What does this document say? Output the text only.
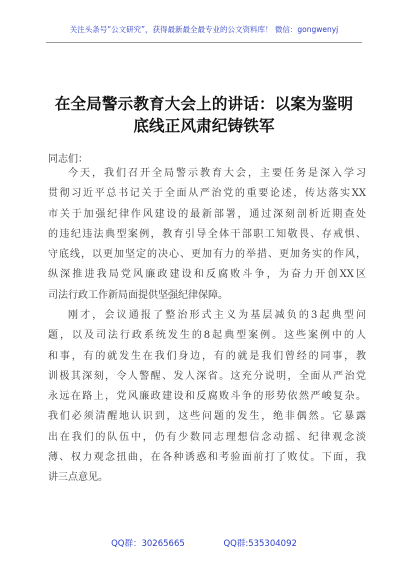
关注头条号“公文研究”，获得最新最全最专业的公文资料库！ 微信：gongwenyj
在全局警示教育大会上的讲话：以案为鉴明
底线正风肃纪铸铁军
同志们：
今天，我们召开全局警示教育大会，主要任务是深入学习
贯彻习近平总书记关于全面从严治党的重要论述，传达落实XX
市关于加强纪律作风建设的最新部署，通过深刻剖析近期查处
的违纪违法典型案例，教育引导全体干部职工知敬畏、存戒惧、
守底线，以更加坚定的决心、更加有力的举措、更加务实的作风，
纵深推进我局党风廉政建设和反腐败斗争，为奋力开创XX区
司法行政工作新局面提供坚强纪律保障。
刚才，会议通报了整治形式主义为基层减负的3起典型问
题，以及司法行政系统发生的8起典型案例。这些案例中的人
和事，有的就发生在我们身边，有的就是我们曾经的同事，教
训极其深刻，令人警醒、发人深省。这充分说明，全面从严治党
永远在路上，党风廉政建设和反腐败斗争的形势依然严峻复杂。
我们必须清醒地认识到，这些问题的发生，绝非偶然。它暴露
出在我们的队伍中，仍有少数同志理想信念动摇、纪律观念淡
薄、权力观念扭曲，在各种诱惑和考验面前打了败仗。下面，我
讲三点意见。
QQ群：30265665	QQ群:535304092
